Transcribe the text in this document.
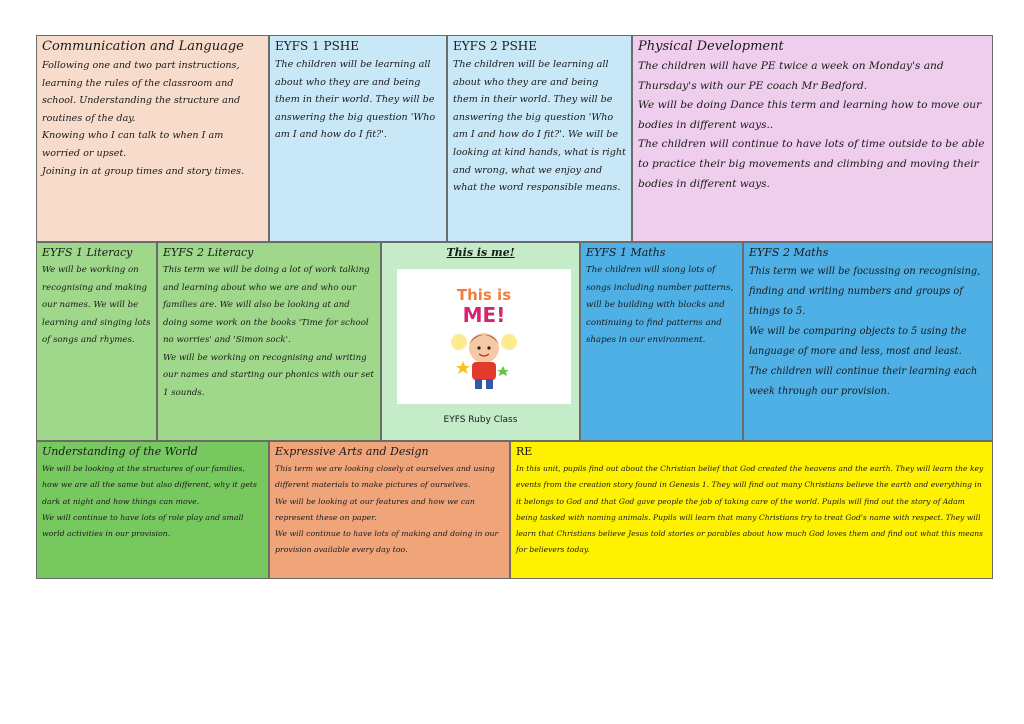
Communication and Language

Following one and two part instructions, learning the rules of the classroom and school. Understanding the structure and routines of the day.

Knowing who I can talk to when I am worried or upset.

Joining in at group times and story times.

EYFS 1 PSHE

The children will be learning all about who they are and being them in their world. They will be answering the big question 'Who am I and how do I fit?'.

EYFS 2 PSHE

The children will be learning all about who they are and being them in their world. They will be answering the big question 'Who am I and how do I fit?'. We will be looking at kind hands, what is right and wrong, what we enjoy and what the word responsible means.

Physical Development

The children will have PE twice a week on Monday's and Thursday's with our PE coach Mr Bedford.

We will be doing Dance this term and learning how to move our bodies in different ways..

The children will continue to have lots of time outside to be able to practice their big movements and climbing and moving their bodies in different ways.

EYFS 1 Literacy

We will be working on recognising and making our names. We will be learning and singing lots of songs and rhymes.

EYFS 2 Literacy

This term we will be doing a lot of work talking and learning about who we are and who our families are. We will also be looking at and doing some work on the books 'Time for school no worries' and 'Simon sock'.

We will be working on recognising and writing our names and starting our phonics with our set 1 sounds.

This is me!
This is
ME!
EYFS Ruby Class
EYFS 1 Maths

The children will siong lots of songs including number patterns, will be building with blocks and continuing to find patterns and shapes in our environment.

EYFS 2 Maths

This term we will be focussing on recognising, finding and writing numbers and groups of things to 5.

We will be comparing objects to 5 using the language of more and less, most and least.

The children will continue their learning each week through our provision.

Understanding of the World

We will be looking at the structures of our families, how we are all the same but also different, why it gets dark at night and how things can move.

We will continue to have lots of role play and small world activities in our provision.

Expressive Arts and Design

This term we are looking closely at ourselves and using different materials to make pictures of ourselves.

We will be looking at our features and how we can represent these on paper.

We will continue to have lots of making and doing in our provision available every day too.

RE

In this unit, pupils find out about the Christian belief that God created the heavens and the earth. They will learn the key events from the creation story found in Genesis 1. They will find out many Christians believe the earth and everything in it belongs to God and that God gave people the job of taking care of the world. Pupils will find out the story of Adam being tasked with naming animals. Pupils will learn that many Christians try to treat God's name with respect. They will learn that Christians believe Jesus told stories or parables about how much God loves them and find out what this means for believers today.
